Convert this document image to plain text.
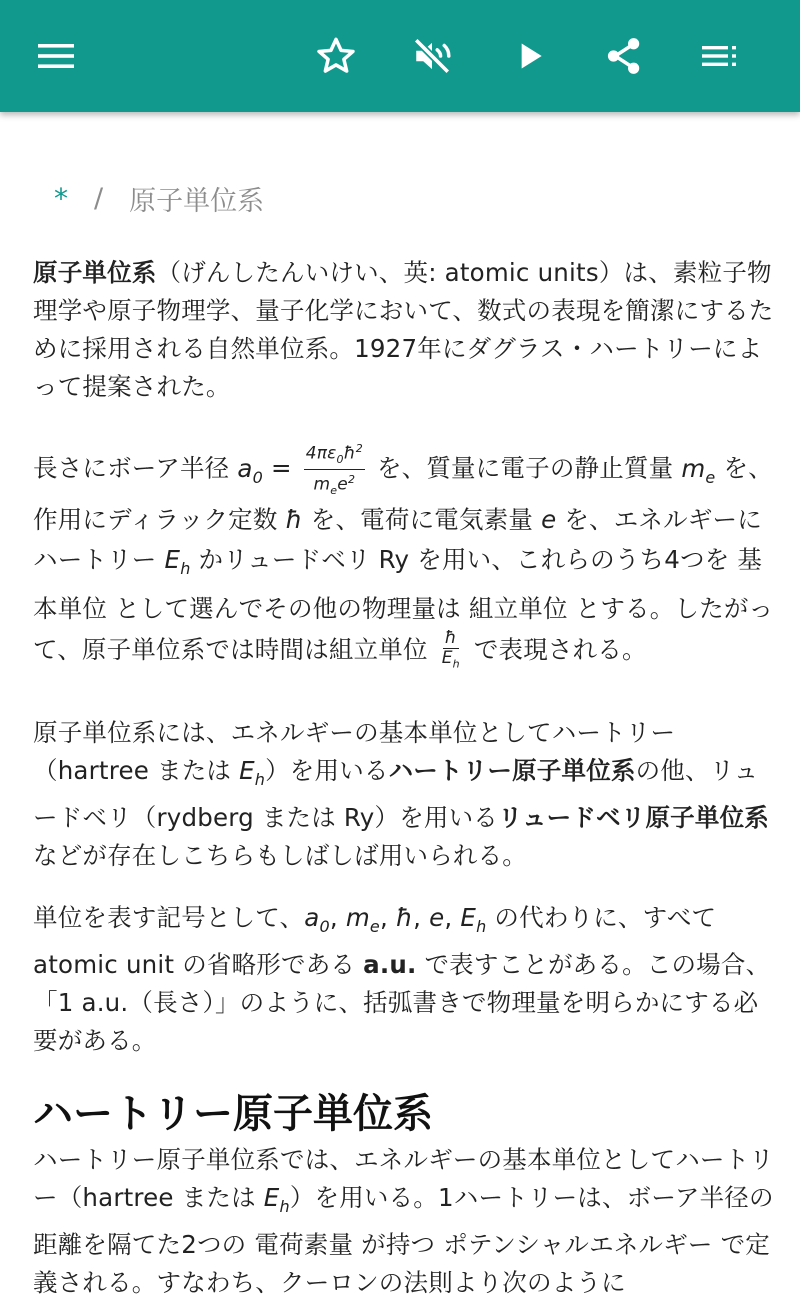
* / 原子単位系

原子単位系（げんしたんいけい、英: atomic units）は、素粒子物理学や原子物理学、量子化学において、数式の表現を簡潔にするために採用される自然単位系。1927年にダグラス・ハートリーによって提案された。

長さにボーア半径 $a_0 = \frac{4\pi\varepsilon_0ħ^2}{m_ee^2}$ を、質量に電子の静止質量 $m_e$ を、作用にディラック定数 ħ を、電荷に電気素量 e を、エネルギーにハートリー $E_h$ かリュードベリ Ry を用い、これらのうち4つを 基本単位 として選んでその他の物理量は 組立単位 とする。したがって、原子単位系では時間は組立単位 $\frac{ħ}{E_h}$ で表現される。

原子単位系には、エネルギーの基本単位としてハートリー（hartree または $E_h$）を用いるハートリー原子単位系の他、リュードベリ（rydberg または Ry）を用いるリュードベリ原子単位系などが存在しこちらもしばしば用いられる。

単位を表す記号として、$a_0$, $m_e$, ħ, e, $E_h$ の代わりに、すべて atomic unit の省略形である a.u. で表すことがある。この場合、「1 a.u.（長さ）」のように、括弧書きで物理量を明らかにする必要がある。

ハートリー原子単位系

ハートリー原子単位系では、エネルギーの基本単位としてハートリー（hartree または $E_h$）を用いる。1ハートリーは、ボーア半径の距離を隔てた2つの 電荷素量 が持つ ポテンシャルエネルギー で定義される。すなわち、クーロンの法則より次のように
